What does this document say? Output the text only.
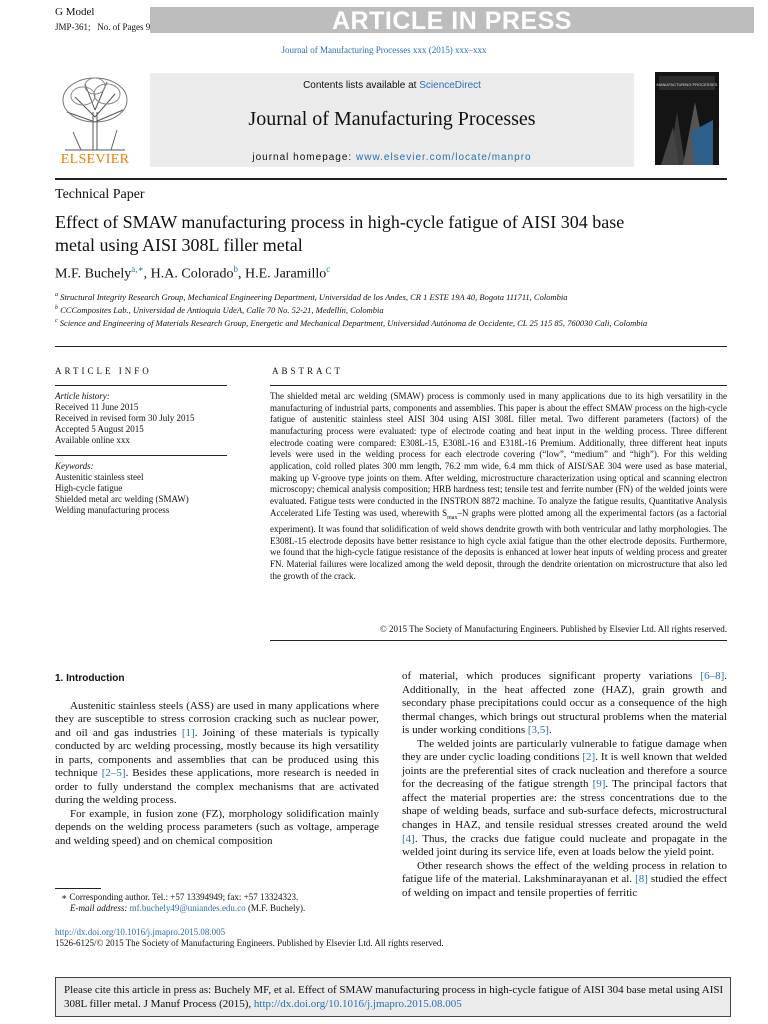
ARTICLE IN PRESS
G Model
JMP-361; No. of Pages 9
Journal of Manufacturing Processes xxx (2015) xxx–xxx
ELSEVIER
Contents lists available at ScienceDirect
Journal of Manufacturing Processes
journal homepage: www.elsevier.com/locate/manpro
MANUFACTURING PROCESSES
Technical Paper
Effect of SMAW manufacturing process in high-cycle fatigue of AISI 304 base metal using AISI 308L filler metal
M.F. Buchely$^{a,∗}$, H.A. Colorado$^b$, H.E. Jaramillo$^c$
$^a$ Structural Integrity Research Group, Mechanical Engineering Department, Universidad de los Andes, CR 1 ESTE 19A 40, Bogota 111711, Colombia
$^b$ CCComposites Lab., Universidad de Antioquia UdeA, Calle 70 No. 52-21, Medellín, Colombia
$^c$ Science and Engineering of Materials Research Group, Energetic and Mechanical Department, Universidad Autónoma de Occidente, CL 25 115 85, 760030 Cali, Colombia
ARTICLE INFO
Article history:
Received 11 June 2015
Received in revised form 30 July 2015
Accepted 5 August 2015
Available online xxx
Keywords:
Austenitic stainless steel
High-cycle fatigue
Shielded metal arc welding (SMAW)
Welding manufacturing process
ABSTRACT
The shielded metal arc welding (SMAW) process is commonly used in many applications due to its high versatility in the manufacturing of industrial parts, components and assemblies. This paper is about the effect SMAW process on the high-cycle fatigue of austenitic stainless steel AISI 304 using AISI 308L filler metal. Two different parameters (factors) of the manufacturing process were evaluated: type of electrode coating and heat input in the welding process. Three different electrode coating were compared: E308L-15, E308L-16 and E318L-16 Premium. Additionally, three different heat inputs levels were used in the welding process for each electrode covering (“low”, “medium” and “high”). For this welding application, cold rolled plates 300 mm length, 76.2 mm wide, 6.4 mm thick of AISI/SAE 304 were used as base material, making up V-groove type joints on them. After welding, microstructure characterization using optical and scanning electron microscopy; chemical analysis composition; HRB hardness test; tensile test and ferrite number (FN) of the welded joints were evaluated. Fatigue tests were conducted in the INSTRON 8872 machine. To analyze the fatigue results, Quantitative Analysis Accelerated Life Testing was used, wherewith $S_{max}-N$ graphs were plotted among all the experimental factors (as a factorial experiment). It was found that solidification of weld shows dendrite growth with both ventricular and lathy morphologies. The E308L-15 electrode deposits have better resistance to high cycle axial fatigue than the other electrode deposits. Furthermore, we found that the high-cycle fatigue resistance of the deposits is enhanced at lower heat inputs of welding process and greater FN. Material failures were localized among the weld deposit, through the dendrite orientation on microstructure that also led the growth of the crack.
© 2015 The Society of Manufacturing Engineers. Published by Elsevier Ltd. All rights reserved.
1. Introduction

Austenitic stainless steels (ASS) are used in many applications where they are susceptible to stress corrosion cracking such as nuclear power, and oil and gas industries [1]. Joining of these materials is typically conducted by arc welding processing, mostly because its high versatility in parts, components and assemblies that can be produced using this technique [2–5]. Besides these applications, more research is needed in order to fully understand the complex mechanisms that are activated during the welding process.

For example, in fusion zone (FZ), morphology solidification mainly depends on the welding process parameters (such as voltage, amperage and welding speed) and on chemical composition

of material, which produces significant property variations [6–8]. Additionally, in the heat affected zone (HAZ), grain growth and secondary phase precipitations could occur as a consequence of the high thermal changes, which brings out structural problems when the material is under working conditions [3,5].

The welded joints are particularly vulnerable to fatigue damage when they are under cyclic loading conditions [2]. It is well known that welded joints are the preferential sites of crack nucleation and therefore a source for the decreasing of the fatigue strength [9]. The principal factors that affect the material properties are: the stress concentrations due to the shape of welding beads, surface and sub-surface defects, microstructural changes in HAZ, and tensile residual stresses created around the weld [4]. Thus, the cracks due fatigue could nucleate and propagate in the welded joint during its service life, even at loads below the yield point.

Other research shows the effect of the welding process in relation to fatigue life of the material. Lakshminarayanan et al. [8] studied the effect of welding on impact and tensile properties of ferritic

∗ Corresponding author. Tel.: +57 13394949; fax: +57 13324323.
E-mail address: mf.buchely49@uniandes.edu.co (M.F. Buchely).
http://dx.doi.org/10.1016/j.jmapro.2015.08.005
1526-6125/© 2015 The Society of Manufacturing Engineers. Published by Elsevier Ltd. All rights reserved.
Please cite this article in press as: Buchely MF, et al. Effect of SMAW manufacturing process in high-cycle fatigue of AISI 304 base metal using AISI 308L filler metal. J Manuf Process (2015), http://dx.doi.org/10.1016/j.jmapro.2015.08.005
